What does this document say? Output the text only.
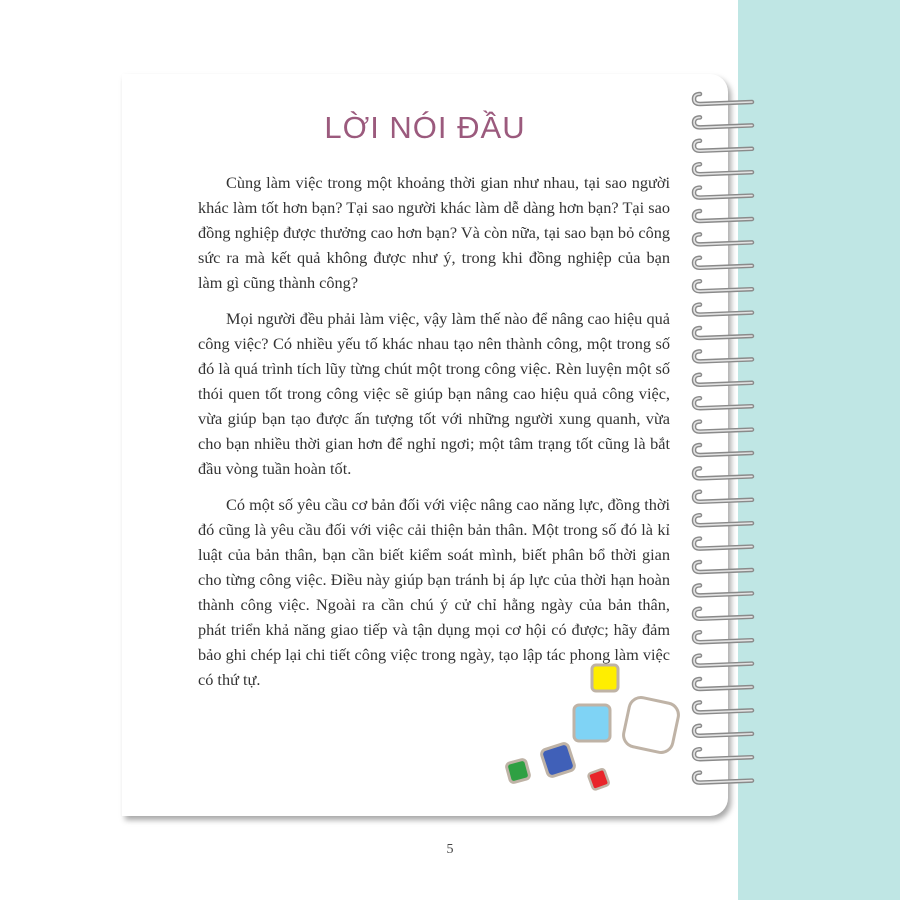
LỜI NÓI ĐẦU

Cùng làm việc trong một khoảng thời gian như nhau, tại sao người khác làm tốt hơn bạn? Tại sao người khác làm dễ dàng hơn bạn? Tại sao đồng nghiệp được thưởng cao hơn bạn? Và còn nữa, tại sao bạn bỏ công sức ra mà kết quả không được như ý, trong khi đồng nghiệp của bạn làm gì cũng thành công?

Mọi người đều phải làm việc, vậy làm thế nào để nâng cao hiệu quả công việc? Có nhiều yếu tố khác nhau tạo nên thành công, một trong số đó là quá trình tích lũy từng chút một trong công việc. Rèn luyện một số thói quen tốt trong công việc sẽ giúp bạn nâng cao hiệu quả công việc, vừa giúp bạn tạo được ấn tượng tốt với những người xung quanh, vừa cho bạn nhiều thời gian hơn để nghỉ ngơi; một tâm trạng tốt cũng là bắt đầu vòng tuần hoàn tốt.

Có một số yêu cầu cơ bản đối với việc nâng cao năng lực, đồng thời đó cũng là yêu cầu đối với việc cải thiện bản thân. Một trong số đó là kỉ luật của bản thân, bạn cần biết kiểm soát mình, biết phân bổ thời gian cho từng công việc. Điều này giúp bạn tránh bị áp lực của thời hạn hoàn thành công việc. Ngoài ra cần chú ý cử chỉ hằng ngày của bản thân, phát triển khả năng giao tiếp và tận dụng mọi cơ hội có được; hãy đảm bảo ghi chép lại chi tiết công việc trong ngày, tạo lập tác phong làm việc có thứ tự.

5
